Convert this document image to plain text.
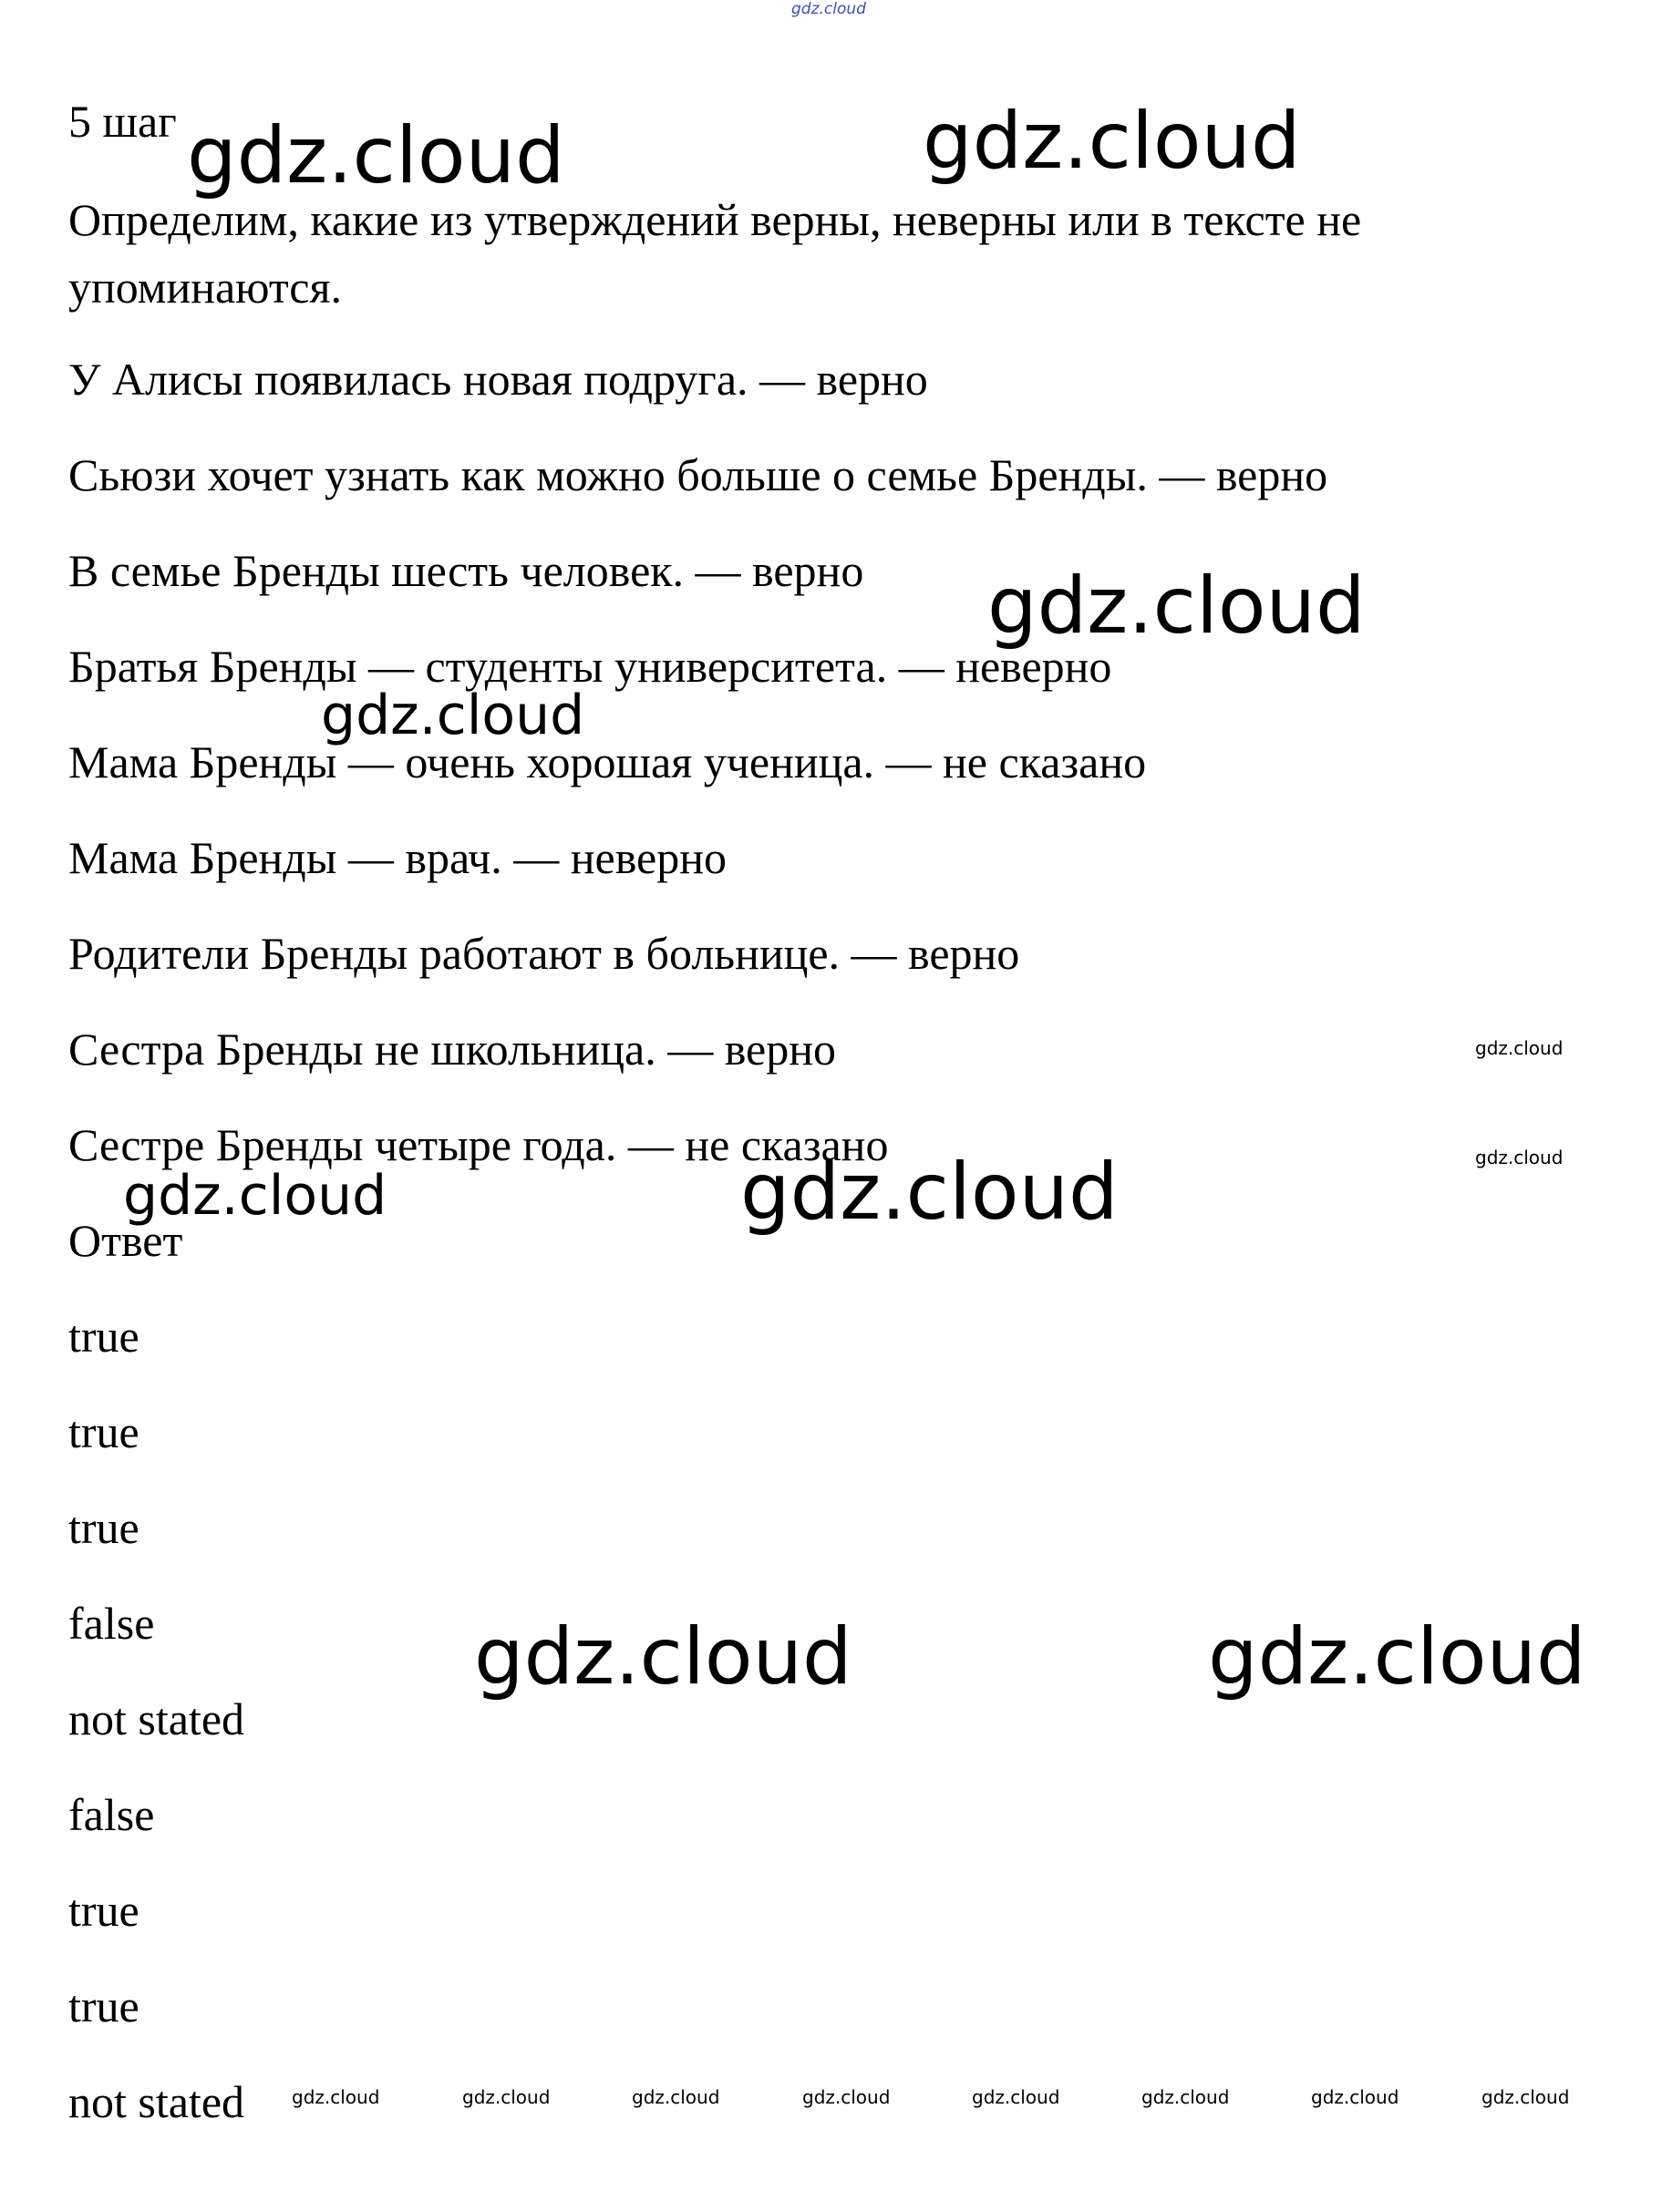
gdz.cloud

5 шаг

Определим, какие из утверждений верны, неверны или в тексте не упоминаются.

У Алисы появилась новая подруга. — верно

Сьюзи хочет узнать как можно больше о семье Бренды. — верно

В семье Бренды шесть человек. — верно

Братья Бренды — студенты университета. — неверно

Мама Бренды — очень хорошая ученица. — не сказано

Мама Бренды — врач. — неверно

Родители Бренды работают в больнице. — верно

Сестра Бренды не школьница. — верно

Сестре Бренды четыре года. — не сказано

Ответ

true

true

true

false

not stated

false

true

true

not stated

gdz.cloud	gdz.cloud
gdz.cloud
gdz.cloud
gdz.cloud	gdz.cloud
gdz.cloud	gdz.cloud
gdz.cloud
gdz.cloud
gdz.cloud	gdz.cloud	gdz.cloud	gdz.cloud	gdz.cloud	gdz.cloud	gdz.cloud	gdz.cloud
